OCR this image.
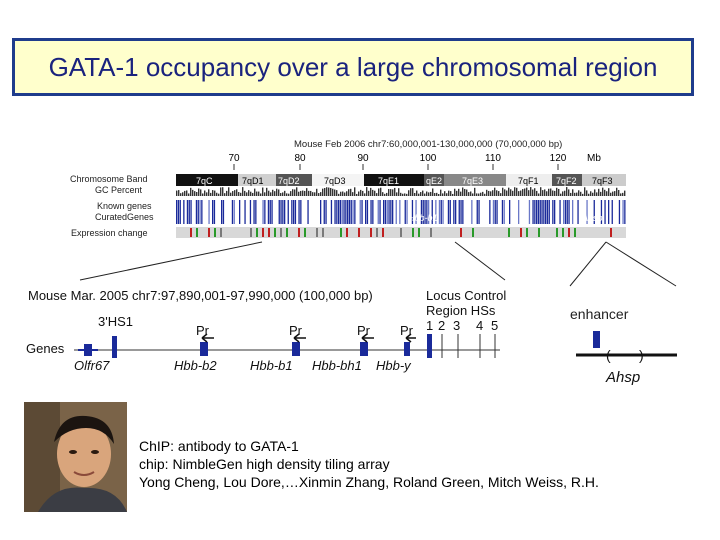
GATA-1 occupancy over a large chromosomal region
Mouse Feb 2006 chr7:60,000,001-130,000,000 (70,000,000 bp)
70	80	90	100	110	120 Mb
Chromosome Band
GC Percent
Known genes
CuratedGenes
Expression change
7qC	7qD1 7qD2	7qD3	7qE1	qE2 7qE3	7qF1 7qF2 7qF3
Hbb-b1	Ahsp
Mouse Mar. 2005 chr7:97,890,001-97,990,000 (100,000 bp)	Locus Control
Region HSs
1 2 3 4 5
3'HS1
Genes
Pr	Pr	Pr Pr
Olfr67	Hbb-b2	Hbb-b1 Hbb-bh1 Hbb-y
enhancer
( )
Ahsp
ChIP: antibody to GATA-1
chip: NimbleGen high density tiling array
Yong Cheng, Lou Dore,…Xinmin Zhang, Roland Green, Mitch Weiss, R.H.
